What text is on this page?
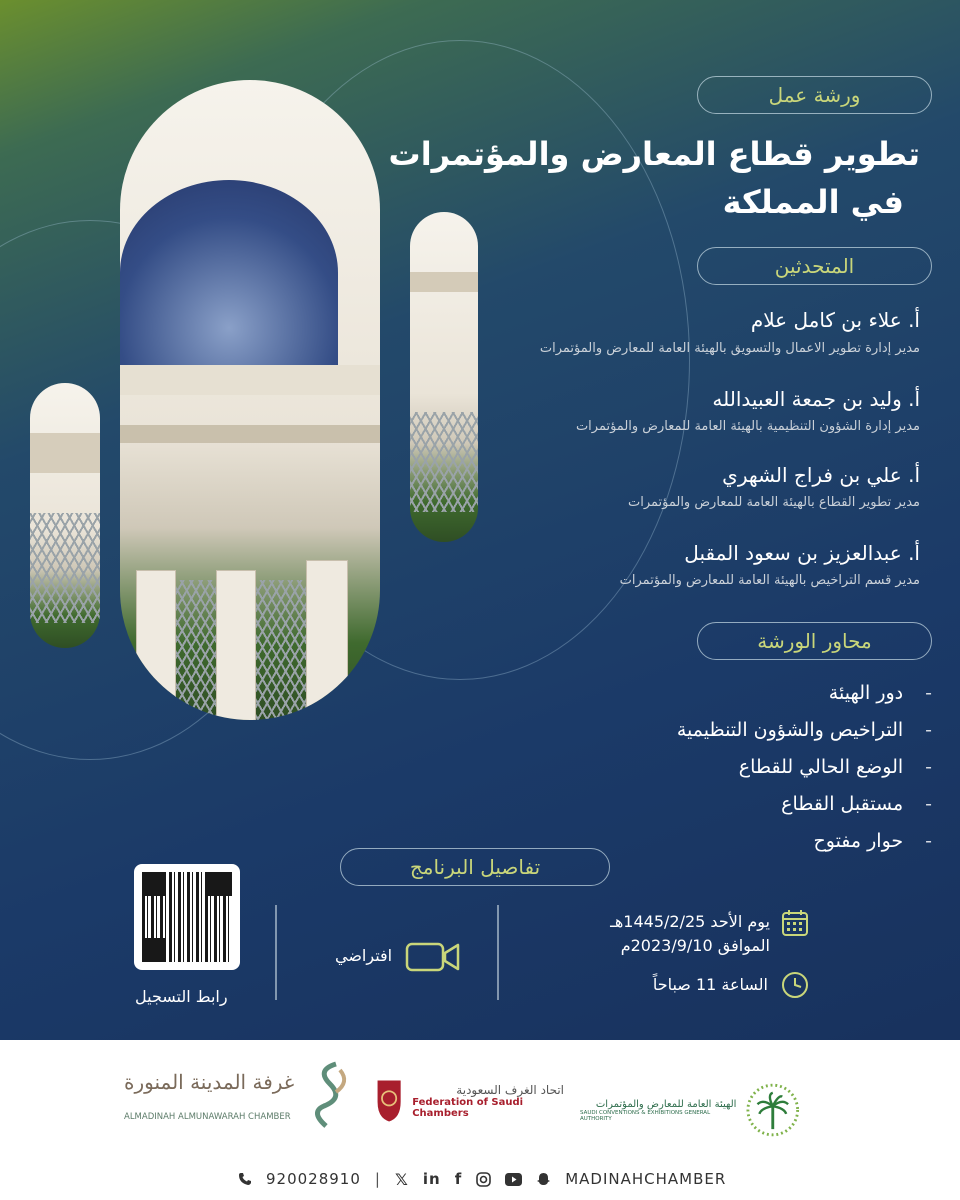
ورشة عمل
تطوير قطاع المعارض والمؤتمرات
في المملكة
المتحدثين
أ. علاء بن كامل علام
مدير إدارة تطوير الاعمال والتسويق بالهيئة العامة للمعارض والمؤتمرات
أ. وليد بن جمعة العبيدالله
مدير إدارة الشؤون التنظيمية بالهيئة العامة للمعارض والمؤتمرات
أ. علي بن فراج الشهري
مدير تطوير القطاع بالهيئة العامة للمعارض والمؤتمرات
أ. عبدالعزيز بن سعود المقبل
مدير قسم التراخيص بالهيئة العامة للمعارض والمؤتمرات
محاور الورشة
-
دور الهيئة
-
التراخيص والشؤون التنظيمية
-
الوضع الحالي للقطاع
-
مستقبل القطاع
-
حوار مفتوح
تفاصيل البرنامج
يوم الأحد 1445/2/25هـ
الموافق 2023/9/10م
الساعة 11 صباحاً
افتراضي
رابط التسجيل
الهيئة العامة للمعارض والمؤتمرات
SAUDI CONVENTIONS & EXHIBITIONS GENERAL AUTHORITY
اتحاد الغرف السعودية
Federation of Saudi Chambers
غرفة المدينة المنورة
ALMADINAH ALMUNAWARAH CHAMBER
920028910 | 𝕏 in f	MADINAHCHAMBER
